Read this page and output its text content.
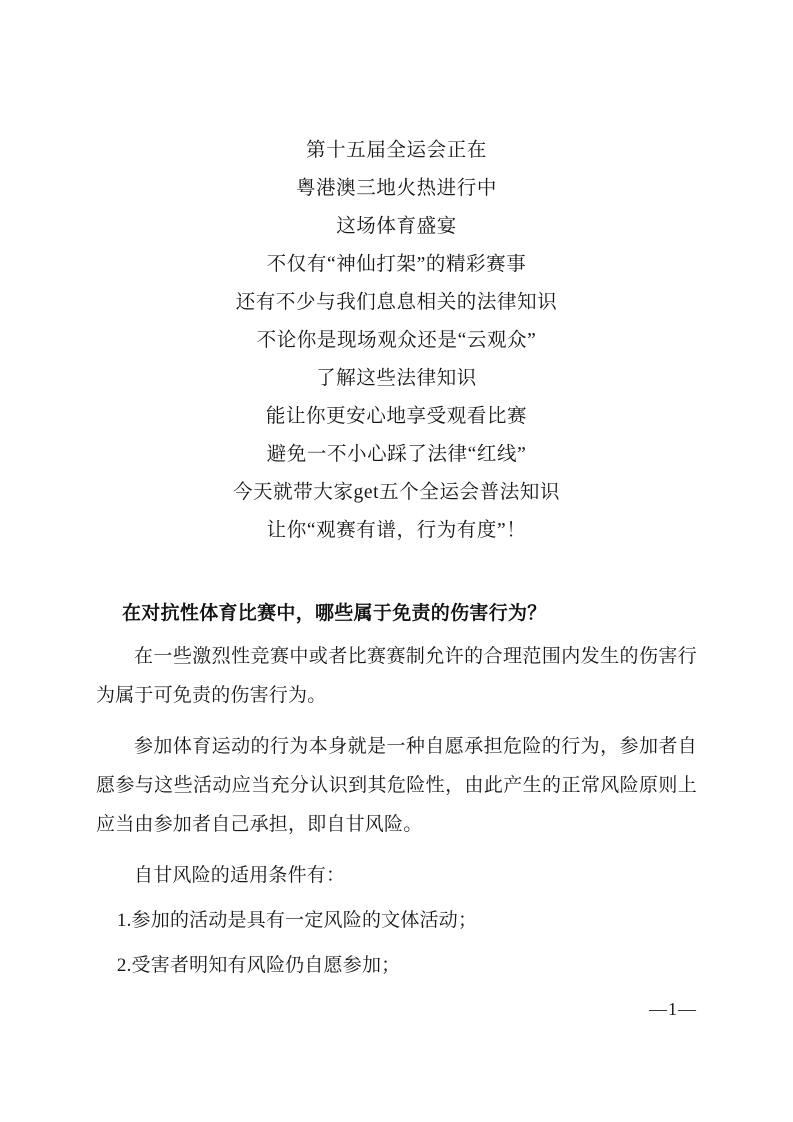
第十五届全运会正在
粤港澳三地火热进行中
这场体育盛宴
不仅有“神仙打架”的精彩赛事
还有不少与我们息息相关的法律知识
不论你是现场观众还是“云观众”
了解这些法律知识
能让你更安心地享受观看比赛
避免一不小心踩了法律“红线”
今天就带大家get五个全运会普法知识
让你“观赛有谱，行为有度”！
在对抗性体育比赛中，哪些属于免责的伤害行为？

在一些激烈性竞赛中或者比赛赛制允许的合理范围内发生的伤害行为属于可免责的伤害行为。

参加体育运动的行为本身就是一种自愿承担危险的行为，参加者自愿参与这些活动应当充分认识到其危险性，由此产生的正常风险原则上应当由参加者自己承担，即自甘风险。

自甘风险的适用条件有：

1.参加的活动是具有一定风险的文体活动；

2.受害者明知有风险仍自愿参加；

—1—
